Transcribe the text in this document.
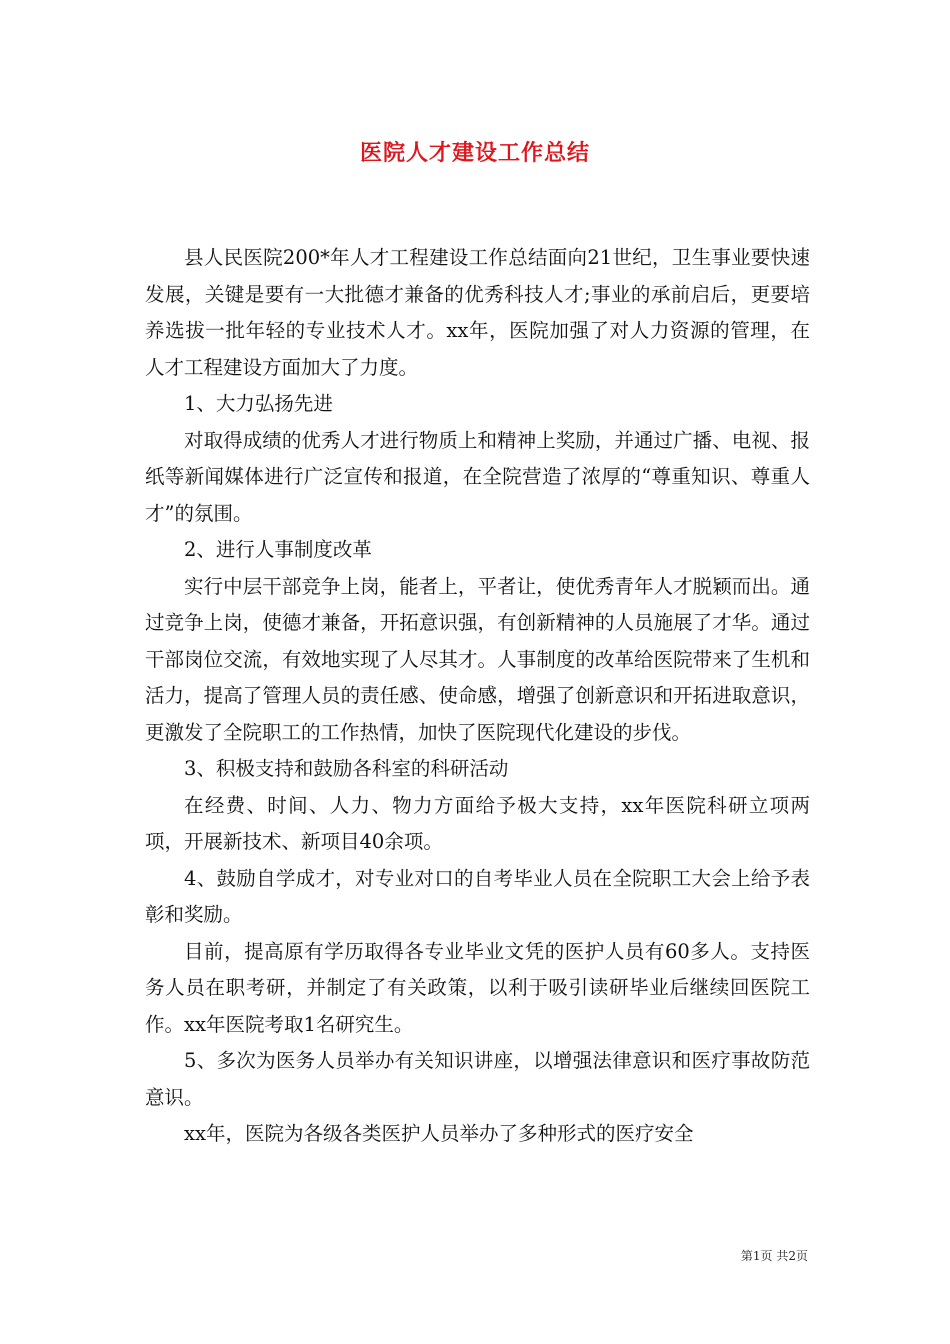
医院人才建设工作总结

县人民医院200*年人才工程建设工作总结面向21世纪，卫生事业要快速发展，关键是要有一大批德才兼备的优秀科技人才;事业的承前启后，更要培养选拔一批年轻的专业技术人才。xx年，医院加强了对人力资源的管理，在人才工程建设方面加大了力度。

1、大力弘扬先进

对取得成绩的优秀人才进行物质上和精神上奖励，并通过广播、电视、报纸等新闻媒体进行广泛宣传和报道，在全院营造了浓厚的“尊重知识、尊重人才”的氛围。

2、进行人事制度改革

实行中层干部竞争上岗，能者上，平者让，使优秀青年人才脱颖而出。通过竞争上岗，使德才兼备，开拓意识强，有创新精神的人员施展了才华。通过干部岗位交流，有效地实现了人尽其才。人事制度的改革给医院带来了生机和活力，提高了管理人员的责任感、使命感，增强了创新意识和开拓进取意识，更激发了全院职工的工作热情，加快了医院现代化建设的步伐。

3、积极支持和鼓励各科室的科研活动

在经费、时间、人力、物力方面给予极大支持，xx年医院科研立项两项，开展新技术、新项目40余项。

4、鼓励自学成才，对专业对口的自考毕业人员在全院职工大会上给予表彰和奖励。

目前，提高原有学历取得各专业毕业文凭的医护人员有60多人。支持医务人员在职考研，并制定了有关政策，以利于吸引读研毕业后继续回医院工作。xx年医院考取1名研究生。

5、多次为医务人员举办有关知识讲座，以增强法律意识和医疗事故防范意识。

xx年，医院为各级各类医护人员举办了多种形式的医疗安全

第1页 共2页
